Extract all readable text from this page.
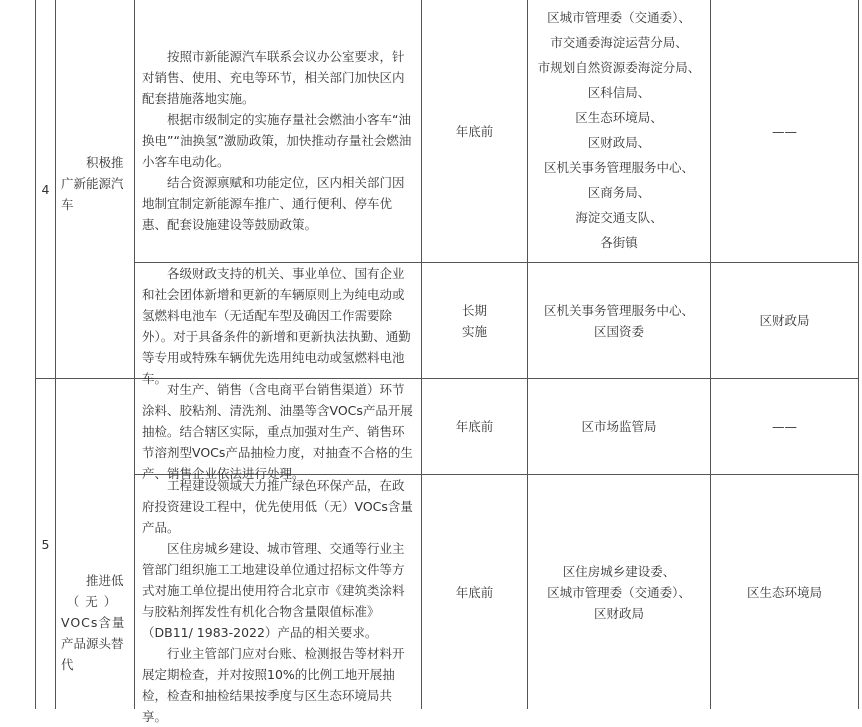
4
积极推
广新能源汽
车

按照市新能源汽车联系会议办公室要求，针对销售、使用、充电等环节，相关部门加快区内配套措施落地实施。

根据市级制定的实施存量社会燃油小客车“油换电”“油换氢”激励政策，加快推动存量社会燃油小客车电动化。

结合资源禀赋和功能定位，区内相关部门因地制宜制定新能源车推广、通行便利、停车优惠、配套设施建设等鼓励政策。

年底前
区城市管理委（交通委）、
市交通委海淀运营分局、
市规划自然资源委海淀分局、
区科信局、
区生态环境局、
区财政局、
区机关事务管理服务中心、
区商务局、
海淀交通支队、
各街镇
——

各级财政支持的机关、事业单位、国有企业和社会团体新增和更新的车辆原则上为纯电动或氢燃料电池车（无适配车型及确因工作需要除外）。对于具备条件的新增和更新执法执勤、通勤等专用或特殊车辆优先选用纯电动或氢燃料电池车。

长期
实施
区机关事务管理服务中心、
区国资委
区财政局
5
推进低
（无）
VOCs含量
产品源头替
代

对生产、销售（含电商平台销售渠道）环节涂料、胶粘剂、清洗剂、油墨等含VOCs产品开展抽检。结合辖区实际，重点加强对生产、销售环节溶剂型VOCs产品抽检力度，对抽查不合格的生产、销售企业依法进行处理。

年底前	区市场监管局	——

工程建设领域大力推广绿色环保产品，在政府投资建设工程中，优先使用低（无）VOCs含量产品。

区住房城乡建设、城市管理、交通等行业主管部门组织施工工地建设单位通过招标文件等方式对施工单位提出使用符合北京市《建筑类涂料与胶粘剂挥发性有机化合物含量限值标准》（DB11/ 1983-2022）产品的相关要求。

行业主管部门应对台账、检测报告等材料开展定期检查，并对按照10%的比例工地开展抽检，检查和抽检结果按季度与区生态环境局共享。

年底前
区住房城乡建设委、
区城市管理委（交通委）、
区财政局
区生态环境局
